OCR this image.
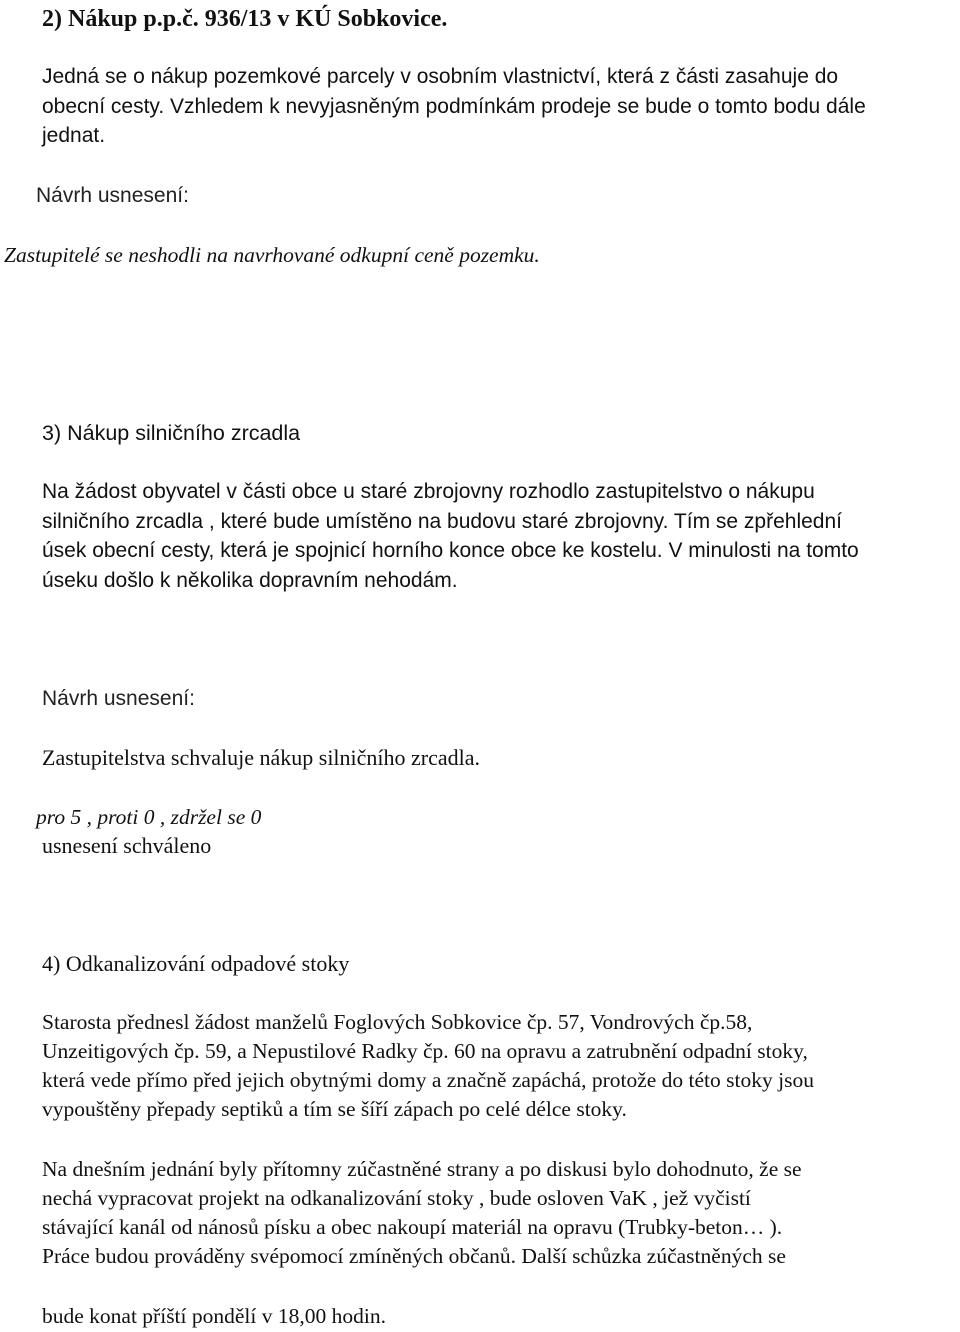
2) Nákup p.p.č. 936/13 v KÚ Sobkovice.
Jedná se o nákup pozemkové parcely v osobním vlastnictví, která z části zasahuje do
obecní cesty. Vzhledem k nevyjasněným podmínkám prodeje se bude o tomto bodu dále
jednat.
Návrh usnesení:
Zastupitelé se neshodli na navrhované odkupní ceně pozemku.
3) Nákup silničního zrcadla
Na žádost obyvatel v části obce u staré zbrojovny rozhodlo zastupitelstvo o nákupu
silničního zrcadla , které bude umístěno na budovu staré zbrojovny. Tím se zpřehlední
úsek obecní cesty, která je spojnicí horního konce obce ke kostelu. V minulosti na tomto
úseku došlo k několika dopravním nehodám.
Návrh usnesení:
Zastupitelstva schvaluje nákup silničního zrcadla.
pro 5 , proti 0 , zdržel se 0
usnesení schváleno
4) Odkanalizování odpadové stoky
Starosta přednesl žádost manželů Foglových Sobkovice čp. 57, Vondrových čp.58,
Unzeitigových čp. 59, a Nepustilové Radky čp. 60 na opravu a zatrubnění odpadní stoky,
která vede přímo před jejich obytnými domy a značně zapáchá, protože do této stoky jsou
vypouštěny přepady septiků a tím se šíří zápach po celé délce stoky.
Na dnešním jednání byly přítomny zúčastněné strany a po diskusi bylo dohodnuto, že se
nechá vypracovat projekt na odkanalizování stoky , bude osloven VaK , jež vyčistí
stávající kanál od nánosů písku a obec nakoupí materiál na opravu (Trubky-beton… ).
Práce budou prováděny svépomocí zmíněných občanů. Další schůzka zúčastněných se
bude konat příští pondělí v 18,00 hodin.
